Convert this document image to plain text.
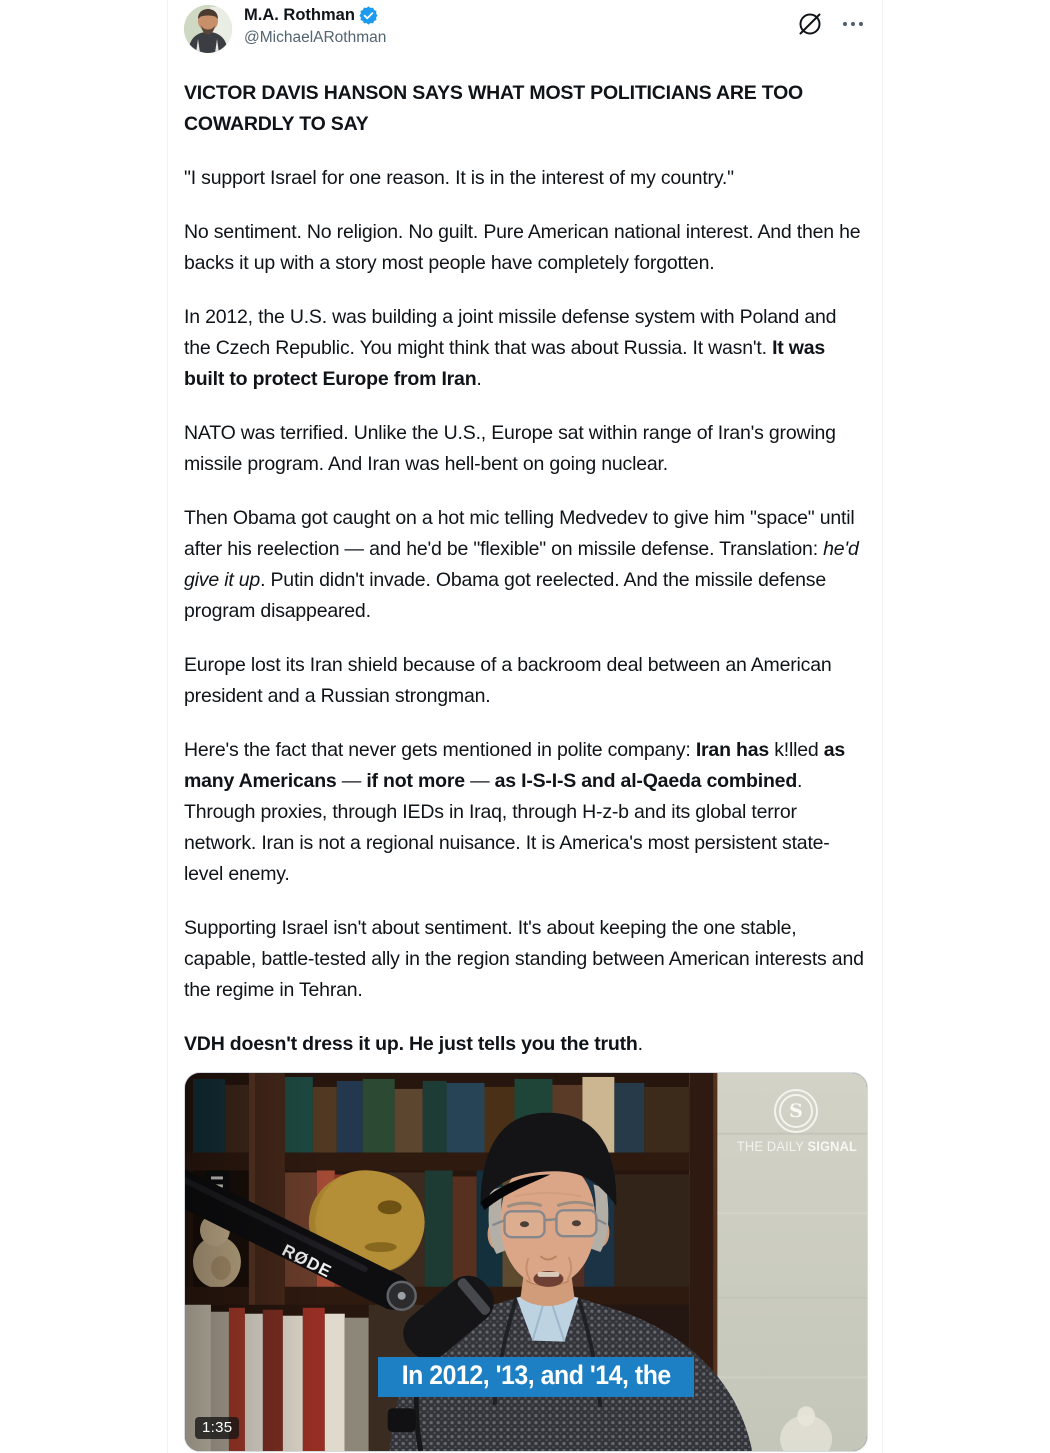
M.A. Rothman
@MichaelARothman

VICTOR DAVIS HANSON SAYS WHAT MOST POLITICIANS ARE TOO COWARDLY TO SAY

"I support Israel for one reason. It is in the interest of my country."

No sentiment. No religion. No guilt. Pure American national interest. And then he backs it up with a story most people have completely forgotten.

In 2012, the U.S. was building a joint missile defense system with Poland and the Czech Republic. You might think that was about Russia. It wasn't. It was built to protect Europe from Iran.

NATO was terrified. Unlike the U.S., Europe sat within range of Iran's growing missile program. And Iran was hell-bent on going nuclear.

Then Obama got caught on a hot mic telling Medvedev to give him "space" until after his reelection — and he'd be "flexible" on missile defense. Translation: he'd give it up. Putin didn't invade. Obama got reelected. And the missile defense program disappeared.

Europe lost its Iran shield because of a backroom deal between an American president and a Russian strongman.

Here's the fact that never gets mentioned in polite company: Iran has k!lled as many Americans — if not more — as I-S-I-S and al-Qaeda combined. Through proxies, through IEDs in Iraq, through H-z-b and its global terror network. Iran is not a regional nuisance. It is America's most persistent state-level enemy.

Supporting Israel isn't about sentiment. It's about keeping the one stable, capable, battle-tested ally in the region standing between American interests and the regime in Tehran.

VDH doesn't dress it up. He just tells you the truth.

S
THE DAILY SIGNAL
In 2012, '13, and '14, the
1:35
